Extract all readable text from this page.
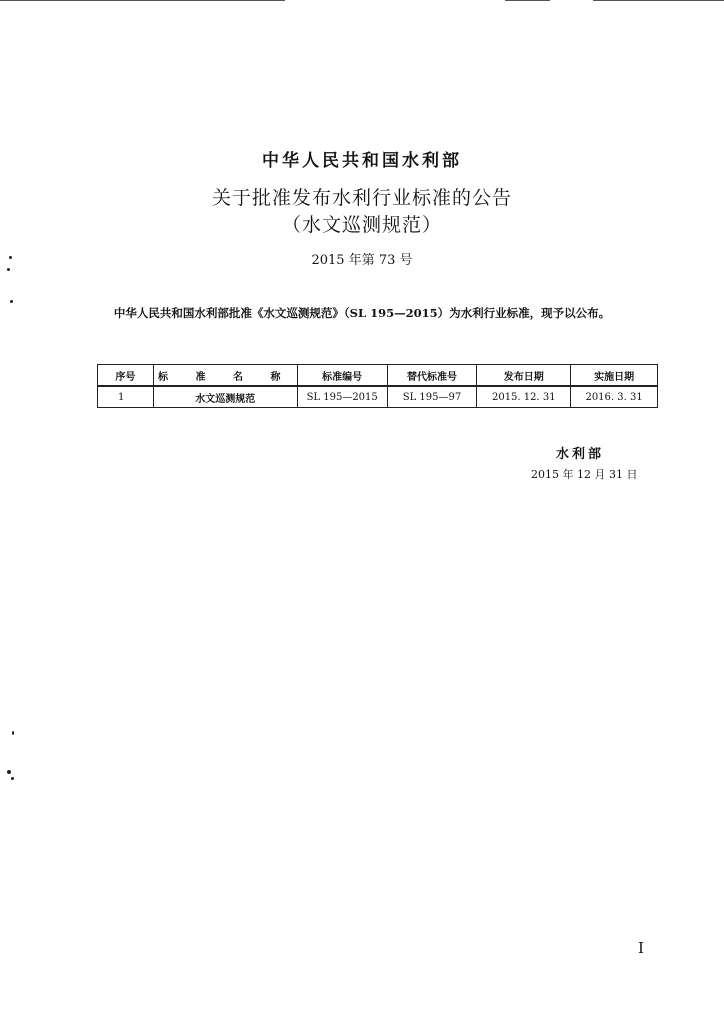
中华人民共和国水利部
关于批准发布水利行业标准的公告
（水文巡测规范）
2015 年第 73 号
中华人民共和国水利部批准《水文巡测规范》（SL 195—2015）为水利行业标准，现予以公布。
序号	标 准 名 称	标准编号	替代标准号	发布日期	实施日期
1	水文巡测规范	SL 195—2015	SL 195—97	2015. 12. 31	2016. 3. 31
水利部
2015 年 12 月 31 日
I
